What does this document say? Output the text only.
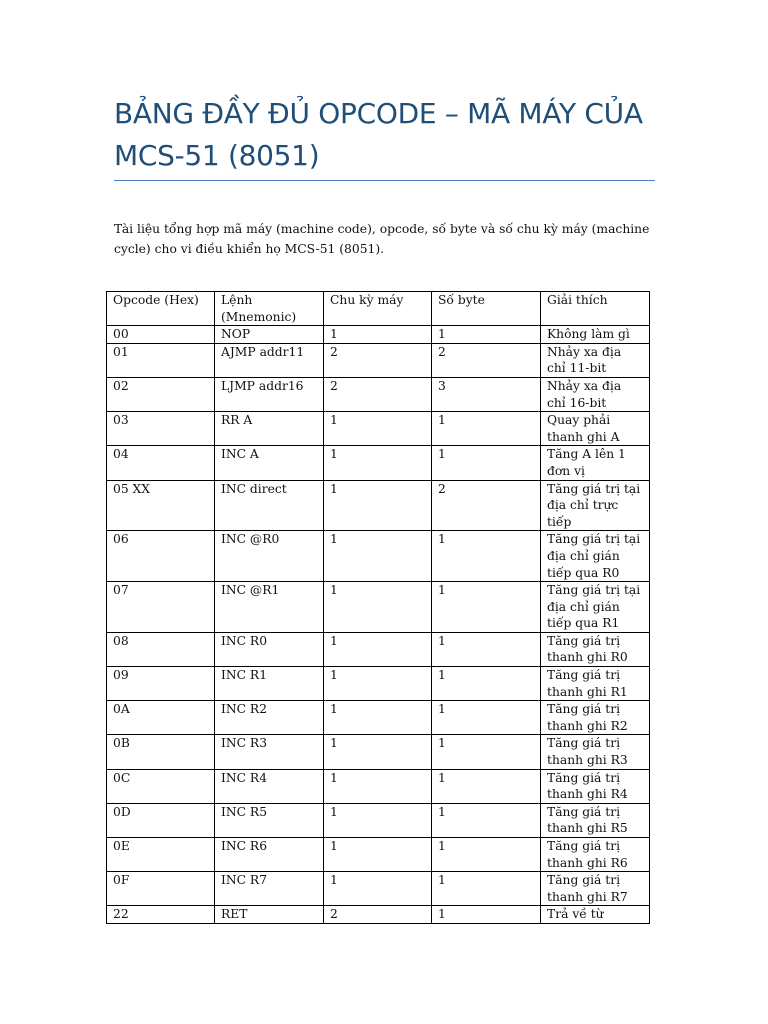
BẢNG ĐẦY ĐỦ OPCODE – MÃ MÁY CỦA MCS-51 (8051)

Tài liệu tổng hợp mã máy (machine code), opcode, số byte và số chu kỳ máy (machine cycle) cho vi điều khiển họ MCS-51 (8051).

Opcode (Hex)	Lệnh (Mnemonic)	Chu kỳ máy	Số byte	Giải thích
00	NOP	1	1	Không làm gì
01	AJMP addr11	2	2	Nhảy xa địa chỉ 11-bit
02	LJMP addr16	2	3	Nhảy xa địa chỉ 16-bit
03	RR A	1	1	Quay phải thanh ghi A
04	INC A	1	1	Tăng A lên 1 đơn vị
05 XX	INC direct	1	2	Tăng giá trị tại địa chỉ trực tiếp
06	INC @R0	1	1	Tăng giá trị tại địa chỉ gián tiếp qua R0
07	INC @R1	1	1	Tăng giá trị tại địa chỉ gián tiếp qua R1
08	INC R0	1	1	Tăng giá trị thanh ghi R0
09	INC R1	1	1	Tăng giá trị thanh ghi R1
0A	INC R2	1	1	Tăng giá trị thanh ghi R2
0B	INC R3	1	1	Tăng giá trị thanh ghi R3
0C	INC R4	1	1	Tăng giá trị thanh ghi R4
0D	INC R5	1	1	Tăng giá trị thanh ghi R5
0E	INC R6	1	1	Tăng giá trị thanh ghi R6
0F	INC R7	1	1	Tăng giá trị thanh ghi R7
22	RET	2	1	Trả về từ
